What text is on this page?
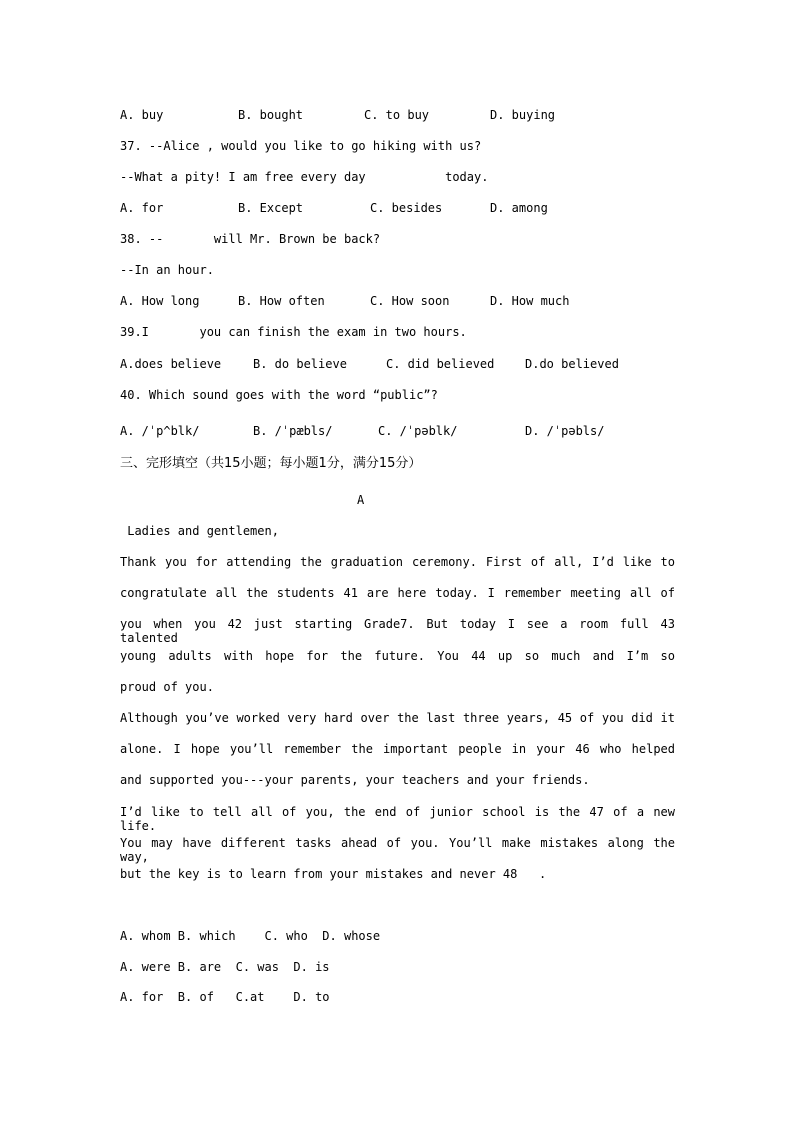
A. buy	B. bought	C. to buy	D. buying
37. --Alice , would you like to go hiking with us?
--What a pity! I am free every day           today.
A. for	B. Except	C. besides	D. among
38. --       will Mr. Brown be back?
--In an hour.
A. How long	B. How often	C. How soon	D. How much
39.I       you can finish the exam in two hours.
A.does believe	B. do believe	C. did believed	D.do believed
40. Which sound goes with the word “public”?
A. /ˈp^blk/	B. /ˈpæbls/	C. /ˈpəblk/	D. /ˈpəbls/
三、完形填空（共15小题；每小题1分，满分15分）
A
Ladies and gentlemen,
Thank you for attending the graduation ceremony. First of all, I’d like to
congratulate all the students 41 are here today. I remember meeting all of
you when you 42 just starting Grade7. But today I see a room full 43 talented
young adults with hope for the future. You 44 up so much and I’m so
proud of you.
Although you’ve worked very hard over the last three years, 45 of you did it
alone. I hope you’ll remember the important people in your 46 who helped
and supported you---your parents, your teachers and your friends.
I’d like to tell all of you, the end of junior school is the 47 of a new life.
You may have different tasks ahead of you. You’ll make mistakes along the way,
but the key is to learn from your mistakes and never 48   .
A. whom B. which    C. who  D. whose
A. were B. are  C. was  D. is
A. for  B. of   C.at    D. to
